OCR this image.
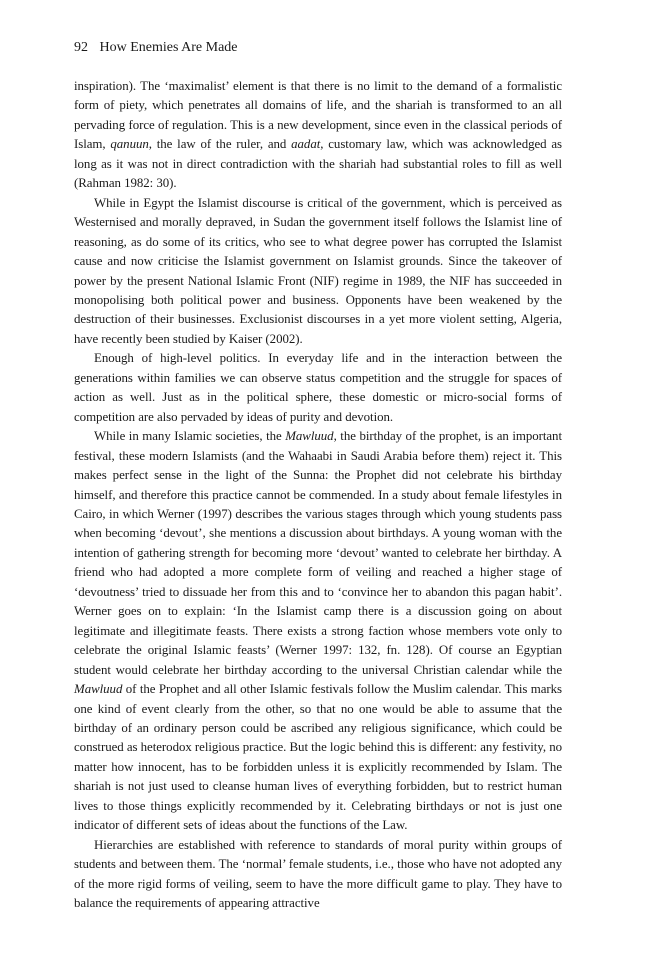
92 How Enemies Are Made

inspiration). The ‘maximalist’ element is that there is no limit to the demand of a formalistic form of piety, which penetrates all domains of life, and the shariah is transformed to an all pervading force of regulation. This is a new development, since even in the classical periods of Islam, qanuun, the law of the ruler, and aadat, customary law, which was acknowledged as long as it was not in direct contradiction with the shariah had substantial roles to fill as well (Rahman 1982: 30).

While in Egypt the Islamist discourse is critical of the government, which is perceived as Westernised and morally depraved, in Sudan the government itself follows the Islamist line of reasoning, as do some of its critics, who see to what degree power has corrupted the Islamist cause and now criticise the Islamist government on Islamist grounds. Since the takeover of power by the present National Islamic Front (NIF) regime in 1989, the NIF has succeeded in monopolising both political power and business. Opponents have been weakened by the destruction of their businesses. Exclusionist discourses in a yet more violent setting, Algeria, have recently been studied by Kaiser (2002).

Enough of high-level politics. In everyday life and in the interaction between the generations within families we can observe status competition and the struggle for spaces of action as well. Just as in the political sphere, these domestic or micro-social forms of competition are also pervaded by ideas of purity and devotion.

While in many Islamic societies, the Mawluud, the birthday of the prophet, is an important festival, these modern Islamists (and the Wahaabi in Saudi Arabia before them) reject it. This makes perfect sense in the light of the Sunna: the Prophet did not celebrate his birthday himself, and therefore this practice cannot be commended. In a study about female lifestyles in Cairo, in which Werner (1997) describes the various stages through which young students pass when becoming ‘devout’, she mentions a discussion about birthdays. A young woman with the intention of gathering strength for becoming more ‘devout’ wanted to celebrate her birthday. A friend who had adopted a more complete form of veiling and reached a higher stage of ‘devoutness’ tried to dissuade her from this and to ‘convince her to abandon this pagan habit’. Werner goes on to explain: ‘In the Islamist camp there is a discussion going on about legitimate and illegitimate feasts. There exists a strong faction whose members vote only to celebrate the original Islamic feasts’ (Werner 1997: 132, fn. 128). Of course an Egyptian student would celebrate her birthday according to the universal Christian calendar while the Mawluud of the Prophet and all other Islamic festivals follow the Muslim calendar. This marks one kind of event clearly from the other, so that no one would be able to assume that the birthday of an ordinary person could be ascribed any religious significance, which could be construed as heterodox religious practice. But the logic behind this is different: any festivity, no matter how innocent, has to be forbidden unless it is explicitly recommended by Islam. The shariah is not just used to cleanse human lives of everything forbidden, but to restrict human lives to those things explicitly recommended by it. Celebrating birthdays or not is just one indicator of different sets of ideas about the functions of the Law.

Hierarchies are established with reference to standards of moral purity within groups of students and between them. The ‘normal’ female students, i.e., those who have not adopted any of the more rigid forms of veiling, seem to have the more difficult game to play. They have to balance the requirements of appearing attractive
